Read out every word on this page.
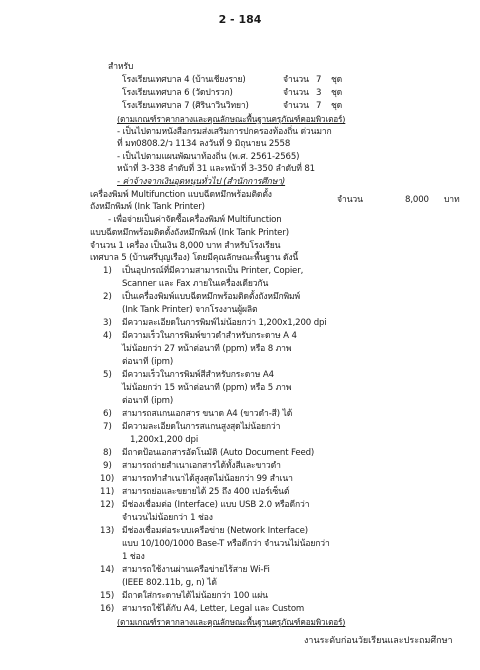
2 - 184
สำหรับ
โรงเรียนเทศบาล 4 (บ้านเชียงราย)	จำนวน 7 ชุด
โรงเรียนเทศบาล 6 (วัดปารวก)	จำนวน 3 ชุด
โรงเรียนเทศบาล 7 (ศิรินาวินวิทยา)	จำนวน 7 ชุด
(ตามเกณฑ์ราคากลางและคุณลักษณะพื้นฐานครุภัณฑ์คอมพิวเตอร์)
- เป็นไปตามหนังสือกรมส่งเสริมการปกครองท้องถิ่น ด่วนมาก
ที่ มท0808.2/ว 1134 ลงวันที่ 9 มิถุนายน 2558
- เป็นไปตามแผนพัฒนาท้องถิ่น (พ.ศ. 2561-2565)
หน้าที่ 3-338 ลำดับที่ 31 และหน้าที่ 3-350 ลำดับที่ 81
- ค่าจ้างจากเงินอุดหนุนทั่วไป (สำนักการศึกษา)
เครื่องพิมพ์ Multifunction แบบฉีดหมึกพร้อมติดตั้ง
ถังหมึกพิมพ์ (Ink Tank Printer)
จำนวน	8,000 บาท
- เพื่อจ่ายเป็นค่าจัดซื้อเครื่องพิมพ์ Multifunction
แบบฉีดหมึกพร้อมติดตั้งถังหมึกพิมพ์ (Ink Tank Printer)
จำนวน 1 เครื่อง เป็นเงิน 8,000 บาท สำหรับโรงเรียน
เทศบาล 5 (บ้านศรีบุญเรือง) โดยมีคุณลักษณะพื้นฐาน ดังนี้
1) เป็นอุปกรณ์ที่มีความสามารถเป็น Printer, Copier,
Scanner และ Fax ภายในเครื่องเดียวกัน
2) เป็นเครื่องพิมพ์แบบฉีดหมึกพร้อมติดตั้งถังหมึกพิมพ์
(Ink Tank Printer) จากโรงงานผู้ผลิต
3) มีความละเอียดในการพิมพ์ไม่น้อยกว่า 1,200x1,200 dpi
4) มีความเร็วในการพิมพ์ขาวดำสำหรับกระดาษ A 4
ไม่น้อยกว่า 27 หน้าต่อนาที (ppm) หรือ 8 ภาพ
ต่อนาที (ipm)
5) มีความเร็วในการพิมพ์สีสำหรับกระดาษ A4
ไม่น้อยกว่า 15 หน้าต่อนาที (ppm) หรือ 5 ภาพ
ต่อนาที (ipm)
6) สามารถสแกนเอกสาร ขนาด A4 (ขาวดำ-สี) ได้
7) มีความละเอียดในการสแกนสูงสุดไม่น้อยกว่า
1,200x1,200 dpi
8) มีถาดป้อนเอกสารอัตโนมัติ (Auto Document Feed)
9) สามารถถ่ายสำเนาเอกสารได้ทั้งสีและขาวดำ
10) สามารถทำสำเนาได้สูงสุดไม่น้อยกว่า 99 สำเนา
11) สามารถย่อและขยายได้ 25 ถึง 400 เปอร์เซ็นต์
12) มีช่องเชื่อมต่อ (Interface) แบบ USB 2.0 หรือดีกว่า
จำนวนไม่น้อยกว่า 1 ช่อง
13) มีช่องเชื่อมต่อระบบเครือข่าย (Network Interface)
แบบ 10/100/1000 Base-T หรือดีกว่า จำนวนไม่น้อยกว่า
1 ช่อง
14) สามารถใช้งานผ่านเครือข่ายไร้สาย Wi-Fi
(IEEE 802.11b, g, n) ได้
15) มีถาดใส่กระดาษได้ไม่น้อยกว่า 100 แผ่น
16) สามารถใช้ได้กับ A4, Letter, Legal และ Custom
(ตามเกณฑ์ราคากลางและคุณลักษณะพื้นฐานครุภัณฑ์คอมพิวเตอร์)
งานระดับก่อนวัยเรียนและประถมศึกษา
